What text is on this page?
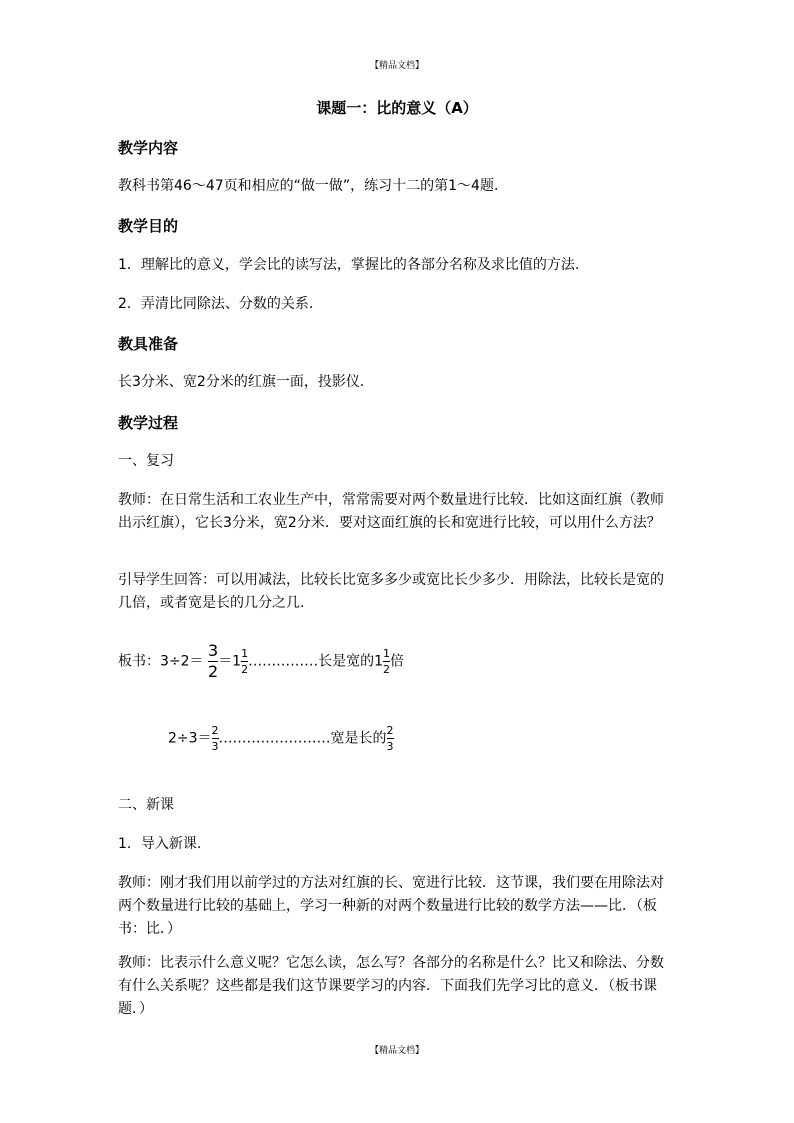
【精品文档】
课题一：比的意义（A）
教学内容
教科书第46～47页和相应的“做一做”，练习十二的第1～4题.
教学目的
1．理解比的意义，学会比的读写法，掌握比的各部分名称及求比值的方法.
2．弄清比同除法、分数的关系.
教具准备
长3分米、宽2分米的红旗一面，投影仪.
教学过程
一、复习
教师：在日常生活和工农业生产中，常常需要对两个数量进行比较．比如这面红旗（教师出示红旗），它长3分米，宽2分米．要对这面红旗的长和宽进行比较，可以用什么方法？
引导学生回答：可以用减法，比较长比宽多多少或宽比长少多少．用除法，比较长是宽的几倍，或者宽是长的几分之几.
板书：$3\div 2= \frac{3}{2} =1 \frac{1}{2}$ ……………长是宽的$1 \frac{1}{2}$ 倍
$2\div 3= \frac{2}{3}$ ……………………宽是长的 $\frac{2}{3}$
二、新课
1．导入新课.
教师：刚才我们用以前学过的方法对红旗的长、宽进行比较．这节课，我们要在用除法对两个数量进行比较的基础上，学习一种新的对两个数量进行比较的数学方法——比．（板书：比．）
教师：比表示什么意义呢？它怎么读，怎么写？各部分的名称是什么？比又和除法、分数有什么关系呢？这些都是我们这节课要学习的内容．下面我们先学习比的意义．（板书课题．）
【精品文档】
